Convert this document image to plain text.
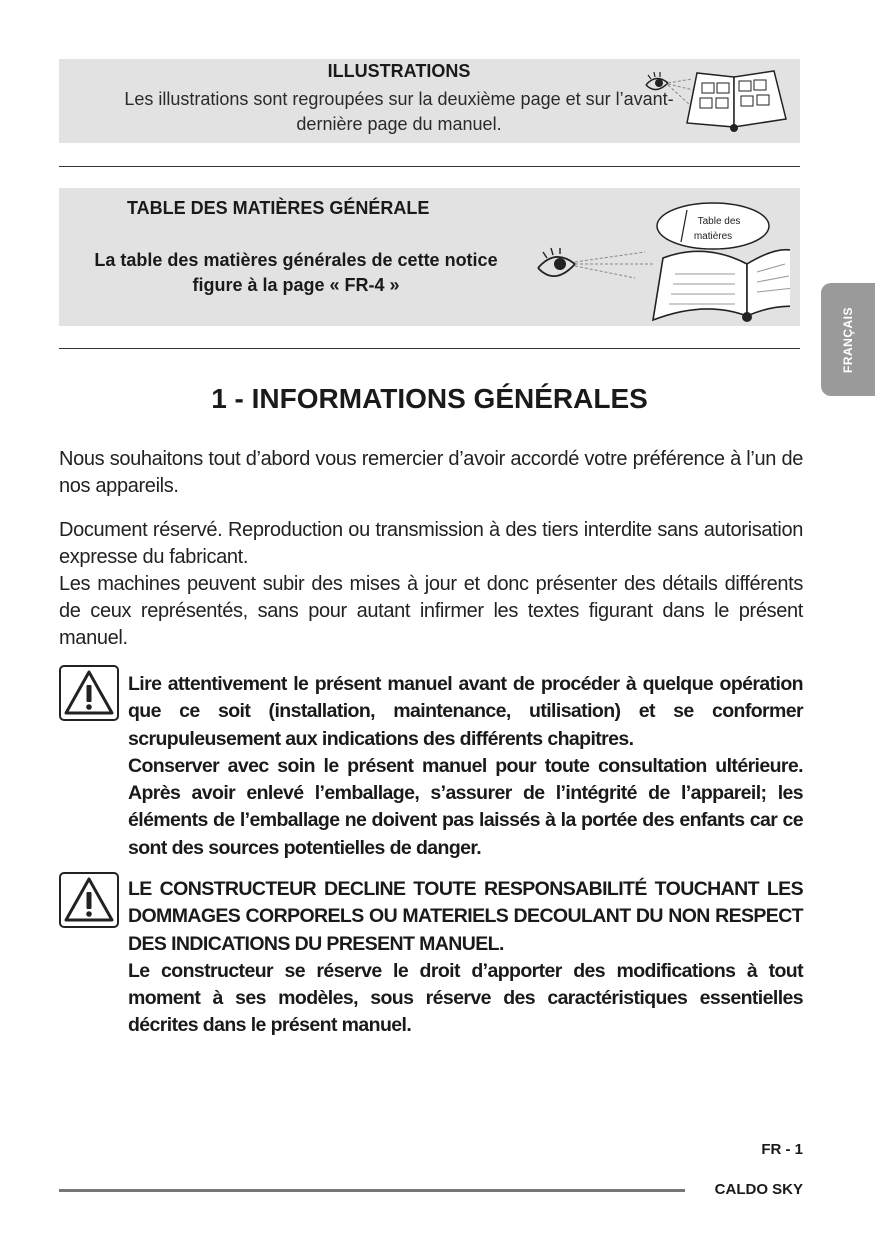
ILLUSTRATIONS
Les illustrations sont regroupées sur la deuxième page et sur l’avant-dernière page du manuel.
TABLE DES MATIÈRES GÉNÉRALE
La table des matières générales de cette notice figure à la page « FR-4 »
Table des
matières
FRANÇAIS
1 - INFORMATIONS GÉNÉRALES
Nous souhaitons tout d’abord vous remercier d’avoir accordé votre préférence à l’un de nos appareils.
Document réservé. Reproduction ou transmission à des tiers interdite sans autorisation expresse du fabricant.
Les machines peuvent subir des mises à jour et donc présenter des détails différents de ceux représentés, sans pour autant infirmer les textes figurant dans le présent manuel.

Lire attentivement le présent manuel avant de procéder à quelque opération que ce soit (installation, maintenance, utilisation) et se conformer scrupuleusement aux indications des différents chapitres.

Conserver avec soin le présent manuel pour toute consultation ultérieure. Après avoir enlevé l’emballage, s’assurer de l’intégrité de l’appareil; les éléments de l’emballage ne doivent pas laissés à la portée des enfants car ce sont des sources potentielles de danger.

LE CONSTRUCTEUR DECLINE TOUTE RESPONSABILITÉ TOUCHANT LES DOMMAGES CORPORELS OU MATERIELS DECOULANT DU NON RESPECT DES INDICATIONS DU PRESENT MANUEL.

Le constructeur se réserve le droit d’apporter des modifications à tout moment à ses modèles, sous réserve des caractéristiques essentielles décrites dans le présent manuel.

FR - 1
CALDO SKY
